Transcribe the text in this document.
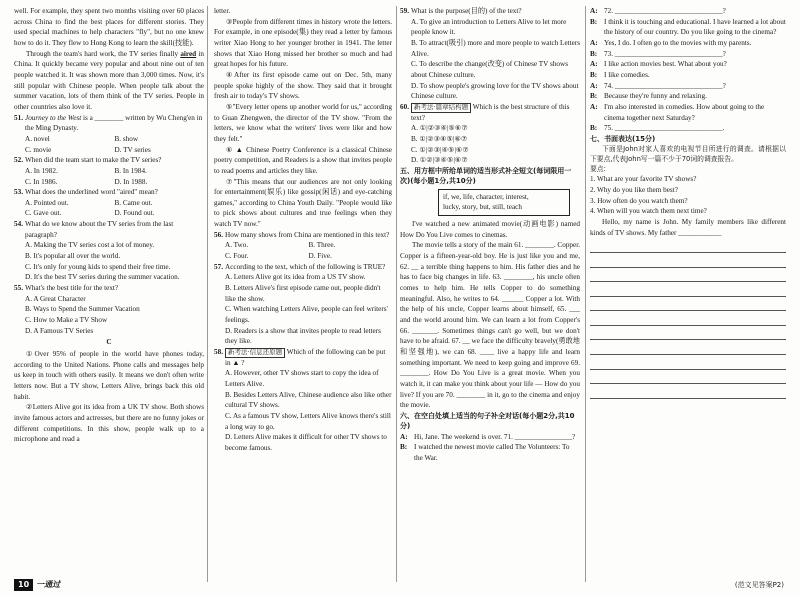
well. For example, they spent two months visiting over 60 places across China to find the best places for different stories. They used special machines to help characters "fly", but no one knew how to do it. They flew to Hong Kong to learn the skill(技能).

Through the team's hard work, the TV series finally aired in China. It quickly became very popular and about nine out of ten people watched it. It was shown more than 3,000 times. Now, it's still popular with Chinese people. When people talk about the summer vacation, lots of them think of the TV series. People in other countries also love it.

51. Journey to the West is a ________ written by Wu Cheng'en in the Ming Dynasty.
A. novel	B. show
C. movie	D. TV series
52. When did the team start to make the TV series?
A. In 1982.	B. In 1984.
C. In 1986.	D. In 1988.
53. What does the underlined word "aired" mean?
A. Pointed out.	B. Came out.
C. Gave out.	D. Found out.
54. What do we know about the TV series from the last paragraph?
A. Making the TV series cost a lot of money.
B. It's popular all over the world.
C. It's only for young kids to spend their free time.
D. It's the best TV series during the summer vacation.
55. What's the best title for the text?
A. A Great Character
B. Ways to Spend the Summer Vacation
C. How to Make a TV Show
D. A Famous TV Series
C

①Over 95% of people in the world have phones today, according to the United Nations. Phone calls and messages help us keep in touch with others easily. It means we don't often write letters now. But a TV show, Letters Alive, brings back this old habit.

②Letters Alive got its idea from a UK TV show. Both shows invite famous actors and actresses, but there are no funny jokes or different competitions. In this show, people walk up to a microphone and read a

letter.

③People from different times in history wrote the letters. For example, in one episode(集) they read a letter by famous writer Xiao Hong to her younger brother in 1941. The letter shows that Xiao Hong missed her brother so much and had great hopes for his future.

④After its first episode came out on Dec. 5th, many people spoke highly of the show. They said that it brought fresh air to today's TV shows.

⑤"Every letter opens up another world for us," according to Guan Zhengwen, the director of the TV show. "From the letters, we know what the writers' lives were like and how they felt."

⑥ ▲ Chinese Poetry Conference is a classical Chinese poetry competition, and Readers is a show that invites people to read poems and articles they like.

⑦"This means that our audiences are not only looking for entertainment(娱乐) like gossip(闲话) and eye-catching games," according to China Youth Daily. "People would like to pick shows about cultures and true feelings when they watch TV now."

56. How many shows from China are mentioned in this text?
A. Two.	B. Three.
C. Four.	D. Five.
57. According to the text, which of the following is TRUE?
A. Letters Alive got its idea from a US TV show.
B. Letters Alive's first episode came out, people didn't like the show.
C. When watching Letters Alive, people can feel writers' feelings.
D. Readers is a show that invites people to read letters they like.
58. 新考法·信息还原题 Which of the following can be put in ▲ ?
A. However, other TV shows start to copy the idea of Letters Alive.
B. Besides Letters Alive, Chinese audience also like other cultural TV shows.
C. As a famous TV show, Letters Alive knows there's still a long way to go.
D. Letters Alive makes it difficult for other TV shows to become famous.
59. What is the purpose(目的) of the text?
A. To give an introduction to Letters Alive to let more people know it.
B. To attract(吸引) more and more people to watch Letters Alive.
C. To describe the change(改变) of Chinese TV shows about Chinese culture.
D. To show people's growing love for the TV shows about Chinese culture.
60. 新考法·篇章结构题 Which is the best structure of this text?
A. ①|②③④|⑤⑥⑦
B. ①|②③④⑤|⑥⑦
C. ①|②③|④⑤|⑥⑦
D. ①②|③④⑤|⑥⑦

五、用方框中所给单词的适当形式补全短文(每词限用一次)(每小题1分,共10分)

if, we, life, character, interest,
lucky, story, but, still, teach

I've watched a new animated movie(动画电影) named How Do You Live comes to cinemas.

The movie tells a story of the main 61. ________. Copper. Copper is a fifteen-year-old boy. He is just like you and me, 62. __ a terrible thing happens to him. His father dies and he has to face big changes in life. 63. ________, his uncle often comes to help him. He tells Copper to do something meaningful. Also, he writes to 64. ______ Copper a lot. With the help of his uncle, Copper learns about himself, 65. ___ and the world around him. We can learn a lot from Copper's 66. _______. Sometimes things can't go well, but we don't have to be afraid. 67. __ we face the difficulty bravely(勇敢地和坚强地), we can 68. ____ live a happy life and learn something important. We need to keep going and improve 69. ________. How Do You Live is a great movie. When you watch it, it can make you think about your life — How do you live? If you are 70. ________ in it, go to the cinema and enjoy the movie.

六、在空白处填上适当的句子补全对话(每小题2分,共10分)

A: Hi, Jane. The weekend is over. 71. ________________?
B: I watched the newest movie called The Volunteers: To the War.
A: 72. ______________________________?
B: I think it is touching and educational. I have learned a lot about the history of our country. Do you like going to the cinema?
A: Yes, I do. I often go to the movies with my parents.
B: 73. ______________________________?
A: I like action movies best. What about you?
B: I like comedies.
A: 74. ______________________________?
B: Because they're funny and relaxing.
A: I'm also interested in comedies. How about going to the cinema together next Saturday?
B: 75. ______________________________.

七、书面表达(15分)

下面是John对家人喜欢的电视节目所进行的调查。请根据以下要点,代表John写一篇不少于70词的调查报告。

要点:

1. What are your favorite TV shows?

2. Why do you like them best?

3. How often do you watch them?

4. When will you watch them next time?

Hello, my name is John. My family members like different kinds of TV shows. My father ____________

10 一通过	(范文见答案P2)
